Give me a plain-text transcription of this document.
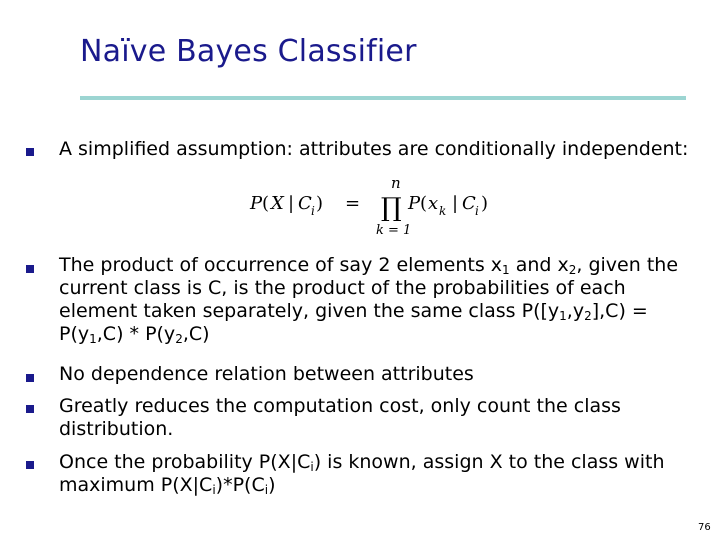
Naïve Bayes Classifier
A simplified assumption: attributes are conditionally independent:
P ( X | C i ) =
n
∏
k = 1
P ( x k | C i )
The product of occurrence of say 2 elements $x_1$ and $x_2$, given the current class is C, is the product of the probabilities of each element taken separately, given the same class $P([y_1,y_2],C) = P(y_1,C) * P(y_2,C)$
No dependence relation between attributes
Greatly reduces the computation cost, only count the class distribution.
Once the probability $P(X|C_i)$ is known, assign X to the class with maximum $P(X|C_i)*P(C_i)$
76
